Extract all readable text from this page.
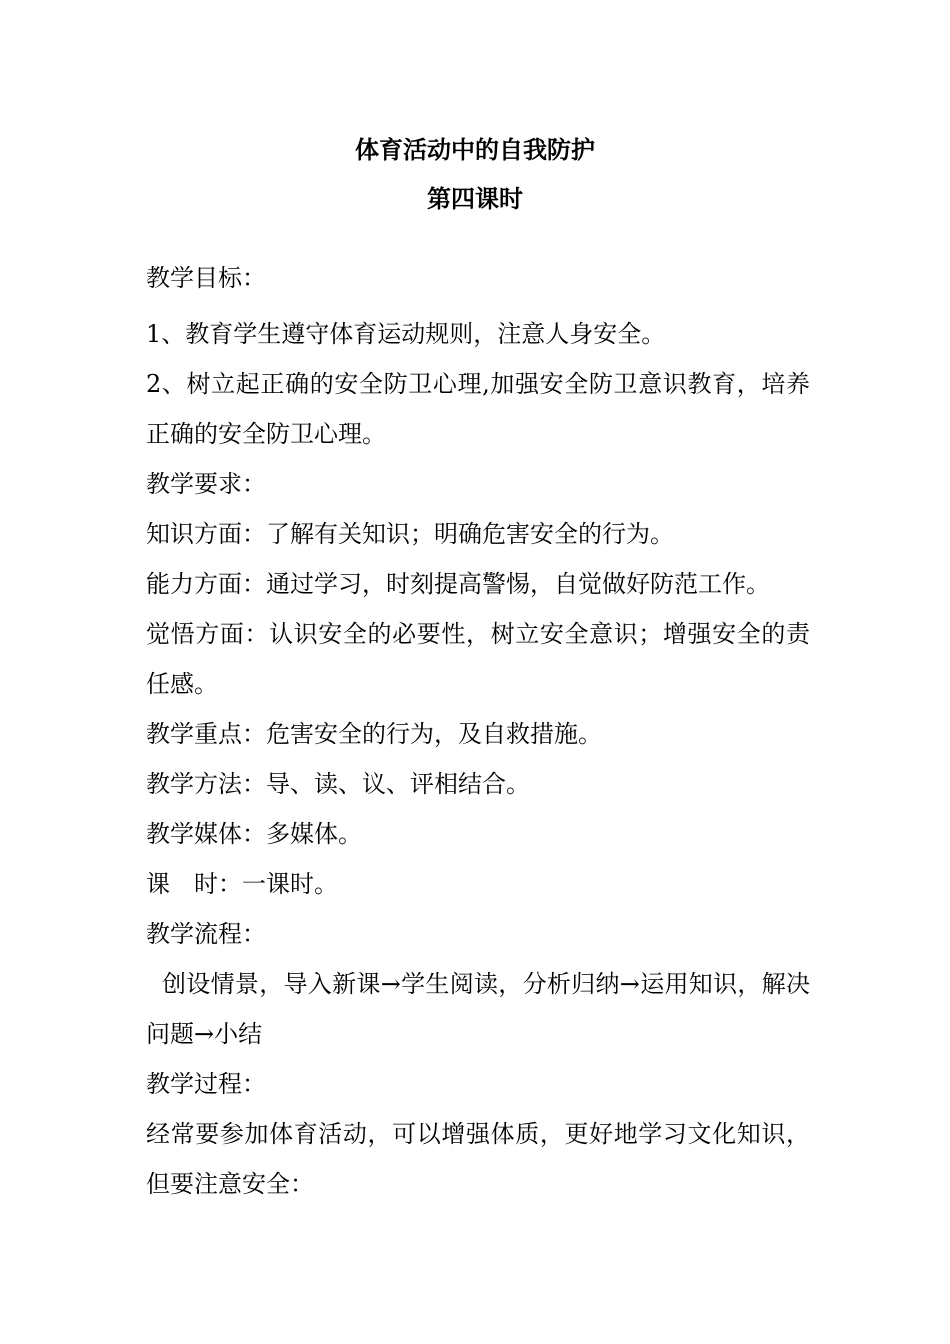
体育活动中的自我防护
第四课时

教学目标：

1、教育学生遵守体育运动规则，注意人身安全。

2、树立起正确的安全防卫心理,加强安全防卫意识教育，培养正确的安全防卫心理。

教学要求：

知识方面：了解有关知识；明确危害安全的行为。

能力方面：通过学习，时刻提高警惕，自觉做好防范工作。

觉悟方面：认识安全的必要性，树立安全意识；增强安全的责任感。

教学重点：危害安全的行为，及自救措施。

教学方法：导、读、议、评相结合。

教学媒体：多媒体。

课　时：一课时。

教学流程：

创设情景，导入新课→学生阅读，分析归纳→运用知识，解决问题→小结

教学过程：

经常要参加体育活动，可以增强体质，更好地学习文化知识，但要注意安全：
